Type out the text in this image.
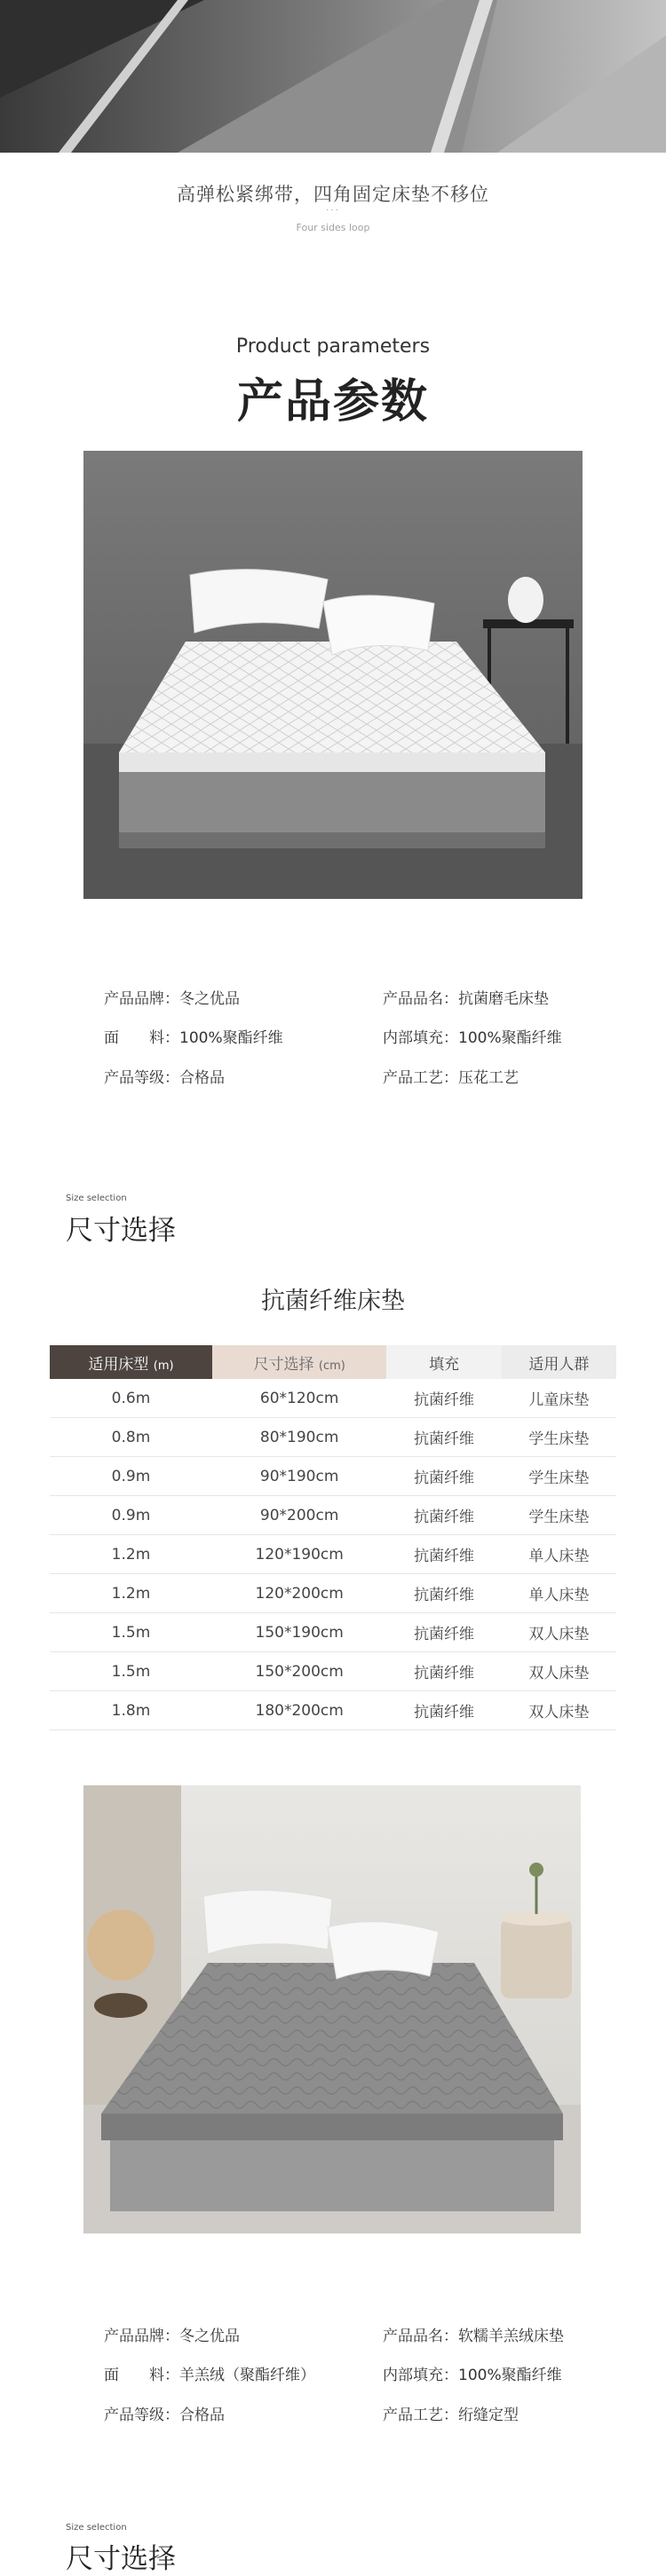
高弹松紧绑带，四角固定床垫不移位
···
Four sides loop
Product parameters
产品参数
产品品牌：冬之优品
面　　料：100%聚酯纤维
产品等级：合格品
产品品名：抗菌磨毛床垫
内部填充：100%聚酯纤维
产品工艺：压花工艺
Size selection
尺寸选择
抗菌纤维床垫
适用床型 (m)	尺寸选择 (cm)	填充	适用人群
0.6m	60*120cm	抗菌纤维	儿童床垫
0.8m	80*190cm	抗菌纤维	学生床垫
0.9m	90*190cm	抗菌纤维	学生床垫
0.9m	90*200cm	抗菌纤维	学生床垫
1.2m	120*190cm	抗菌纤维	单人床垫
1.2m	120*200cm	抗菌纤维	单人床垫
1.5m	150*190cm	抗菌纤维	双人床垫
1.5m	150*200cm	抗菌纤维	双人床垫
1.8m	180*200cm	抗菌纤维	双人床垫
产品品牌：冬之优品
面　　料：羊羔绒（聚酯纤维）
产品等级：合格品
产品品名：软糯羊羔绒床垫
内部填充：100%聚酯纤维
产品工艺：绗缝定型
Size selection
尺寸选择
